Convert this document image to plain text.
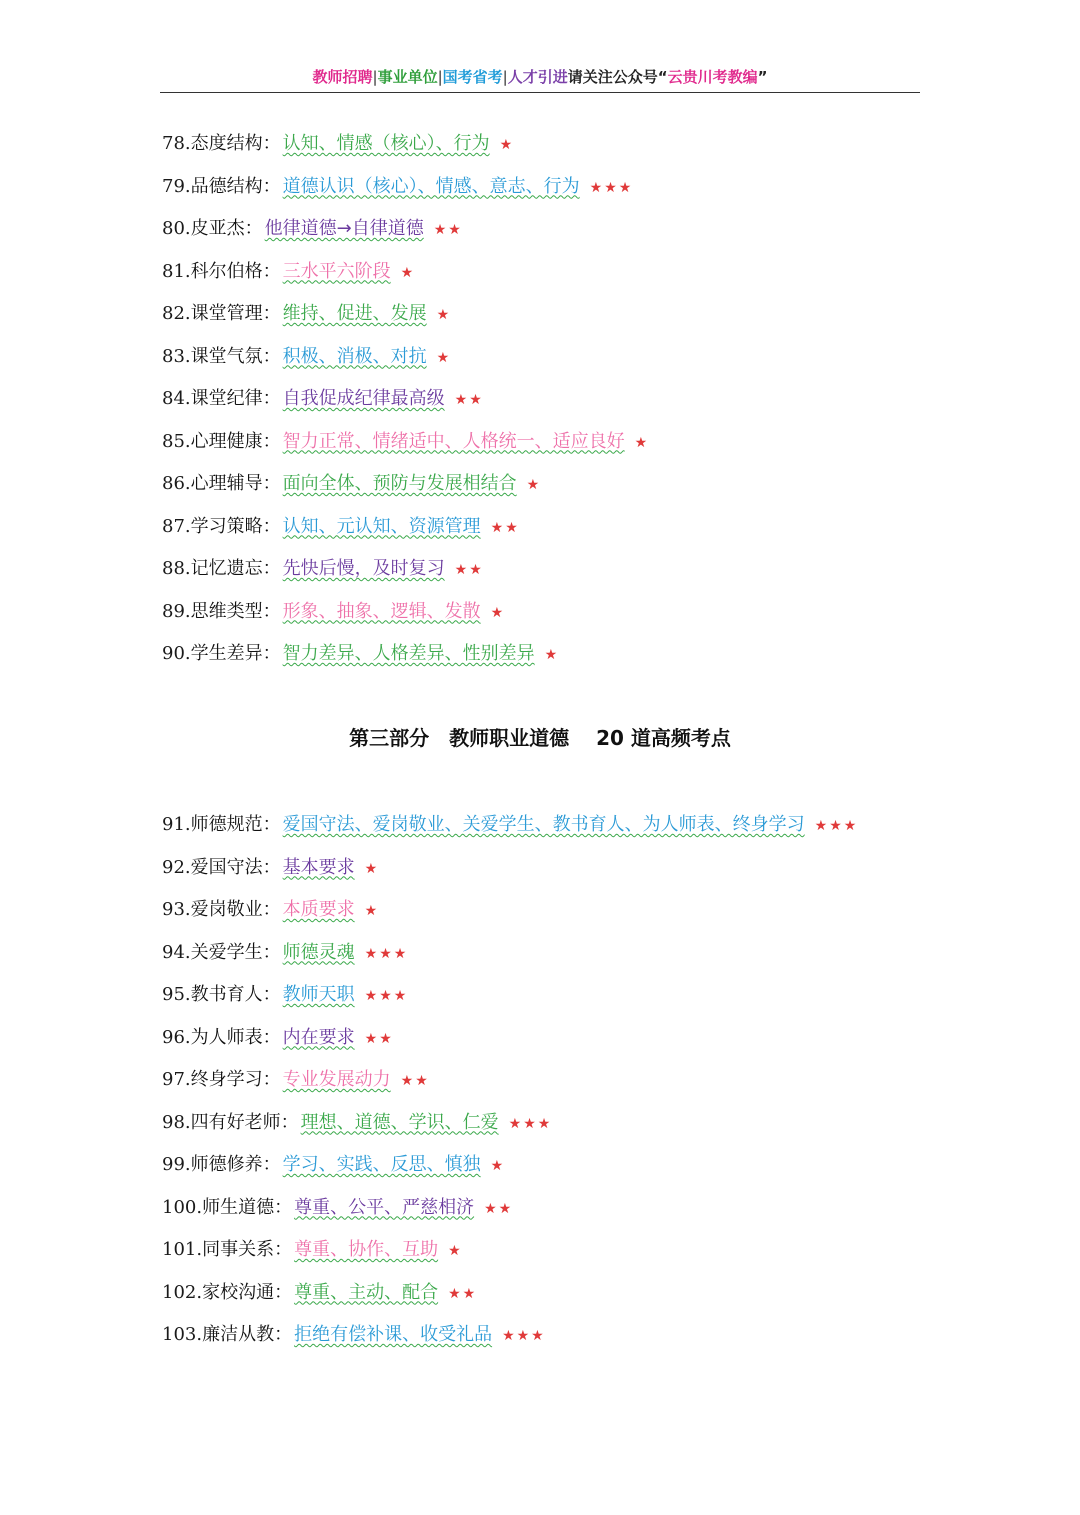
教师招聘|事业单位|国考省考|人才引进请关注公众号“云贵川考教编”
78.态度结构： 认知、情感（核心）、行为 ★
79.品德结构： 道德认识（核心）、情感、意志、行为 ★★★
80.皮亚杰： 他律道德→自律道德 ★★
81.科尔伯格： 三水平六阶段 ★
82.课堂管理： 维持、促进、发展 ★
83.课堂气氛： 积极、消极、对抗 ★
84.课堂纪律： 自我促成纪律最高级 ★★
85.心理健康： 智力正常、情绪适中、人格统一、适应良好 ★
86.心理辅导： 面向全体、预防与发展相结合 ★
87.学习策略： 认知、元认知、资源管理 ★★
88.记忆遗忘： 先快后慢，及时复习 ★★
89.思维类型： 形象、抽象、逻辑、发散 ★
90.学生差异： 智力差异、人格差异、性别差异 ★
第三部分　教师职业道德　 20 道高频考点
91.师德规范： 爱国守法、爱岗敬业、关爱学生、教书育人、为人师表、终身学习 ★★★
92.爱国守法： 基本要求 ★
93.爱岗敬业： 本质要求 ★
94.关爱学生： 师德灵魂 ★★★
95.教书育人： 教师天职 ★★★
96.为人师表： 内在要求 ★★
97.终身学习： 专业发展动力 ★★
98.四有好老师： 理想、道德、学识、仁爱 ★★★
99.师德修养： 学习、实践、反思、慎独 ★
100.师生道德： 尊重、公平、严慈相济 ★★
101.同事关系： 尊重、协作、互助 ★
102.家校沟通： 尊重、主动、配合 ★★
103.廉洁从教： 拒绝有偿补课、收受礼品 ★★★
